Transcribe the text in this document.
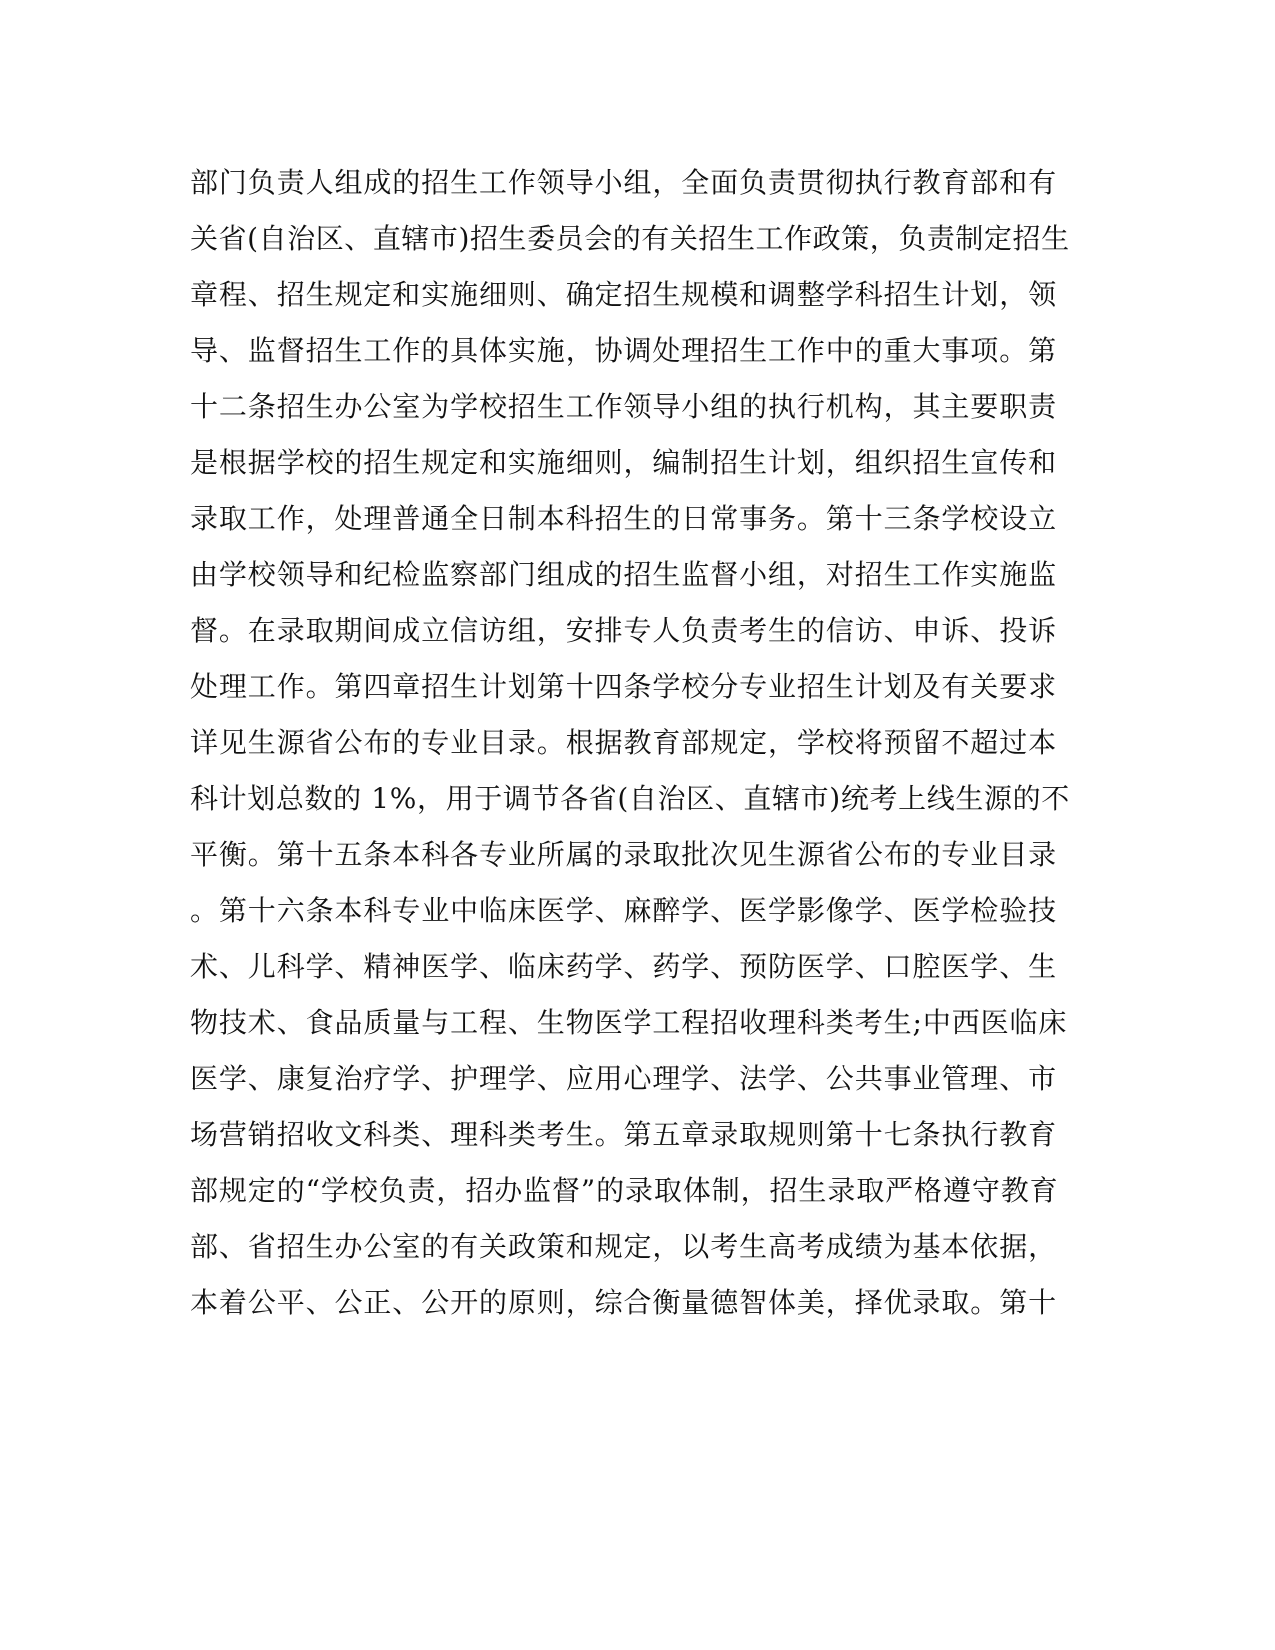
部门负责人组成的招生工作领导小组，全面负责贯彻执行教育部和有
关省(自治区、直辖市)招生委员会的有关招生工作政策，负责制定招生
章程、招生规定和实施细则、确定招生规模和调整学科招生计划，领
导、监督招生工作的具体实施，协调处理招生工作中的重大事项。第
十二条招生办公室为学校招生工作领导小组的执行机构，其主要职责
是根据学校的招生规定和实施细则，编制招生计划，组织招生宣传和
录取工作，处理普通全日制本科招生的日常事务。第十三条学校设立
由学校领导和纪检监察部门组成的招生监督小组，对招生工作实施监
督。在录取期间成立信访组，安排专人负责考生的信访、申诉、投诉
处理工作。第四章招生计划第十四条学校分专业招生计划及有关要求
详见生源省公布的专业目录。根据教育部规定，学校将预留不超过本
科计划总数的 1%，用于调节各省(自治区、直辖市)统考上线生源的不
平衡。第十五条本科各专业所属的录取批次见生源省公布的专业目录
。第十六条本科专业中临床医学、麻醉学、医学影像学、医学检验技
术、儿科学、精神医学、临床药学、药学、预防医学、口腔医学、生
物技术、食品质量与工程、生物医学工程招收理科类考生;中西医临床
医学、康复治疗学、护理学、应用心理学、法学、公共事业管理、市
场营销招收文科类、理科类考生。第五章录取规则第十七条执行教育
部规定的“学校负责，招办监督”的录取体制，招生录取严格遵守教育
部、省招生办公室的有关政策和规定，以考生高考成绩为基本依据，
本着公平、公正、公开的原则，综合衡量德智体美，择优录取。第十
